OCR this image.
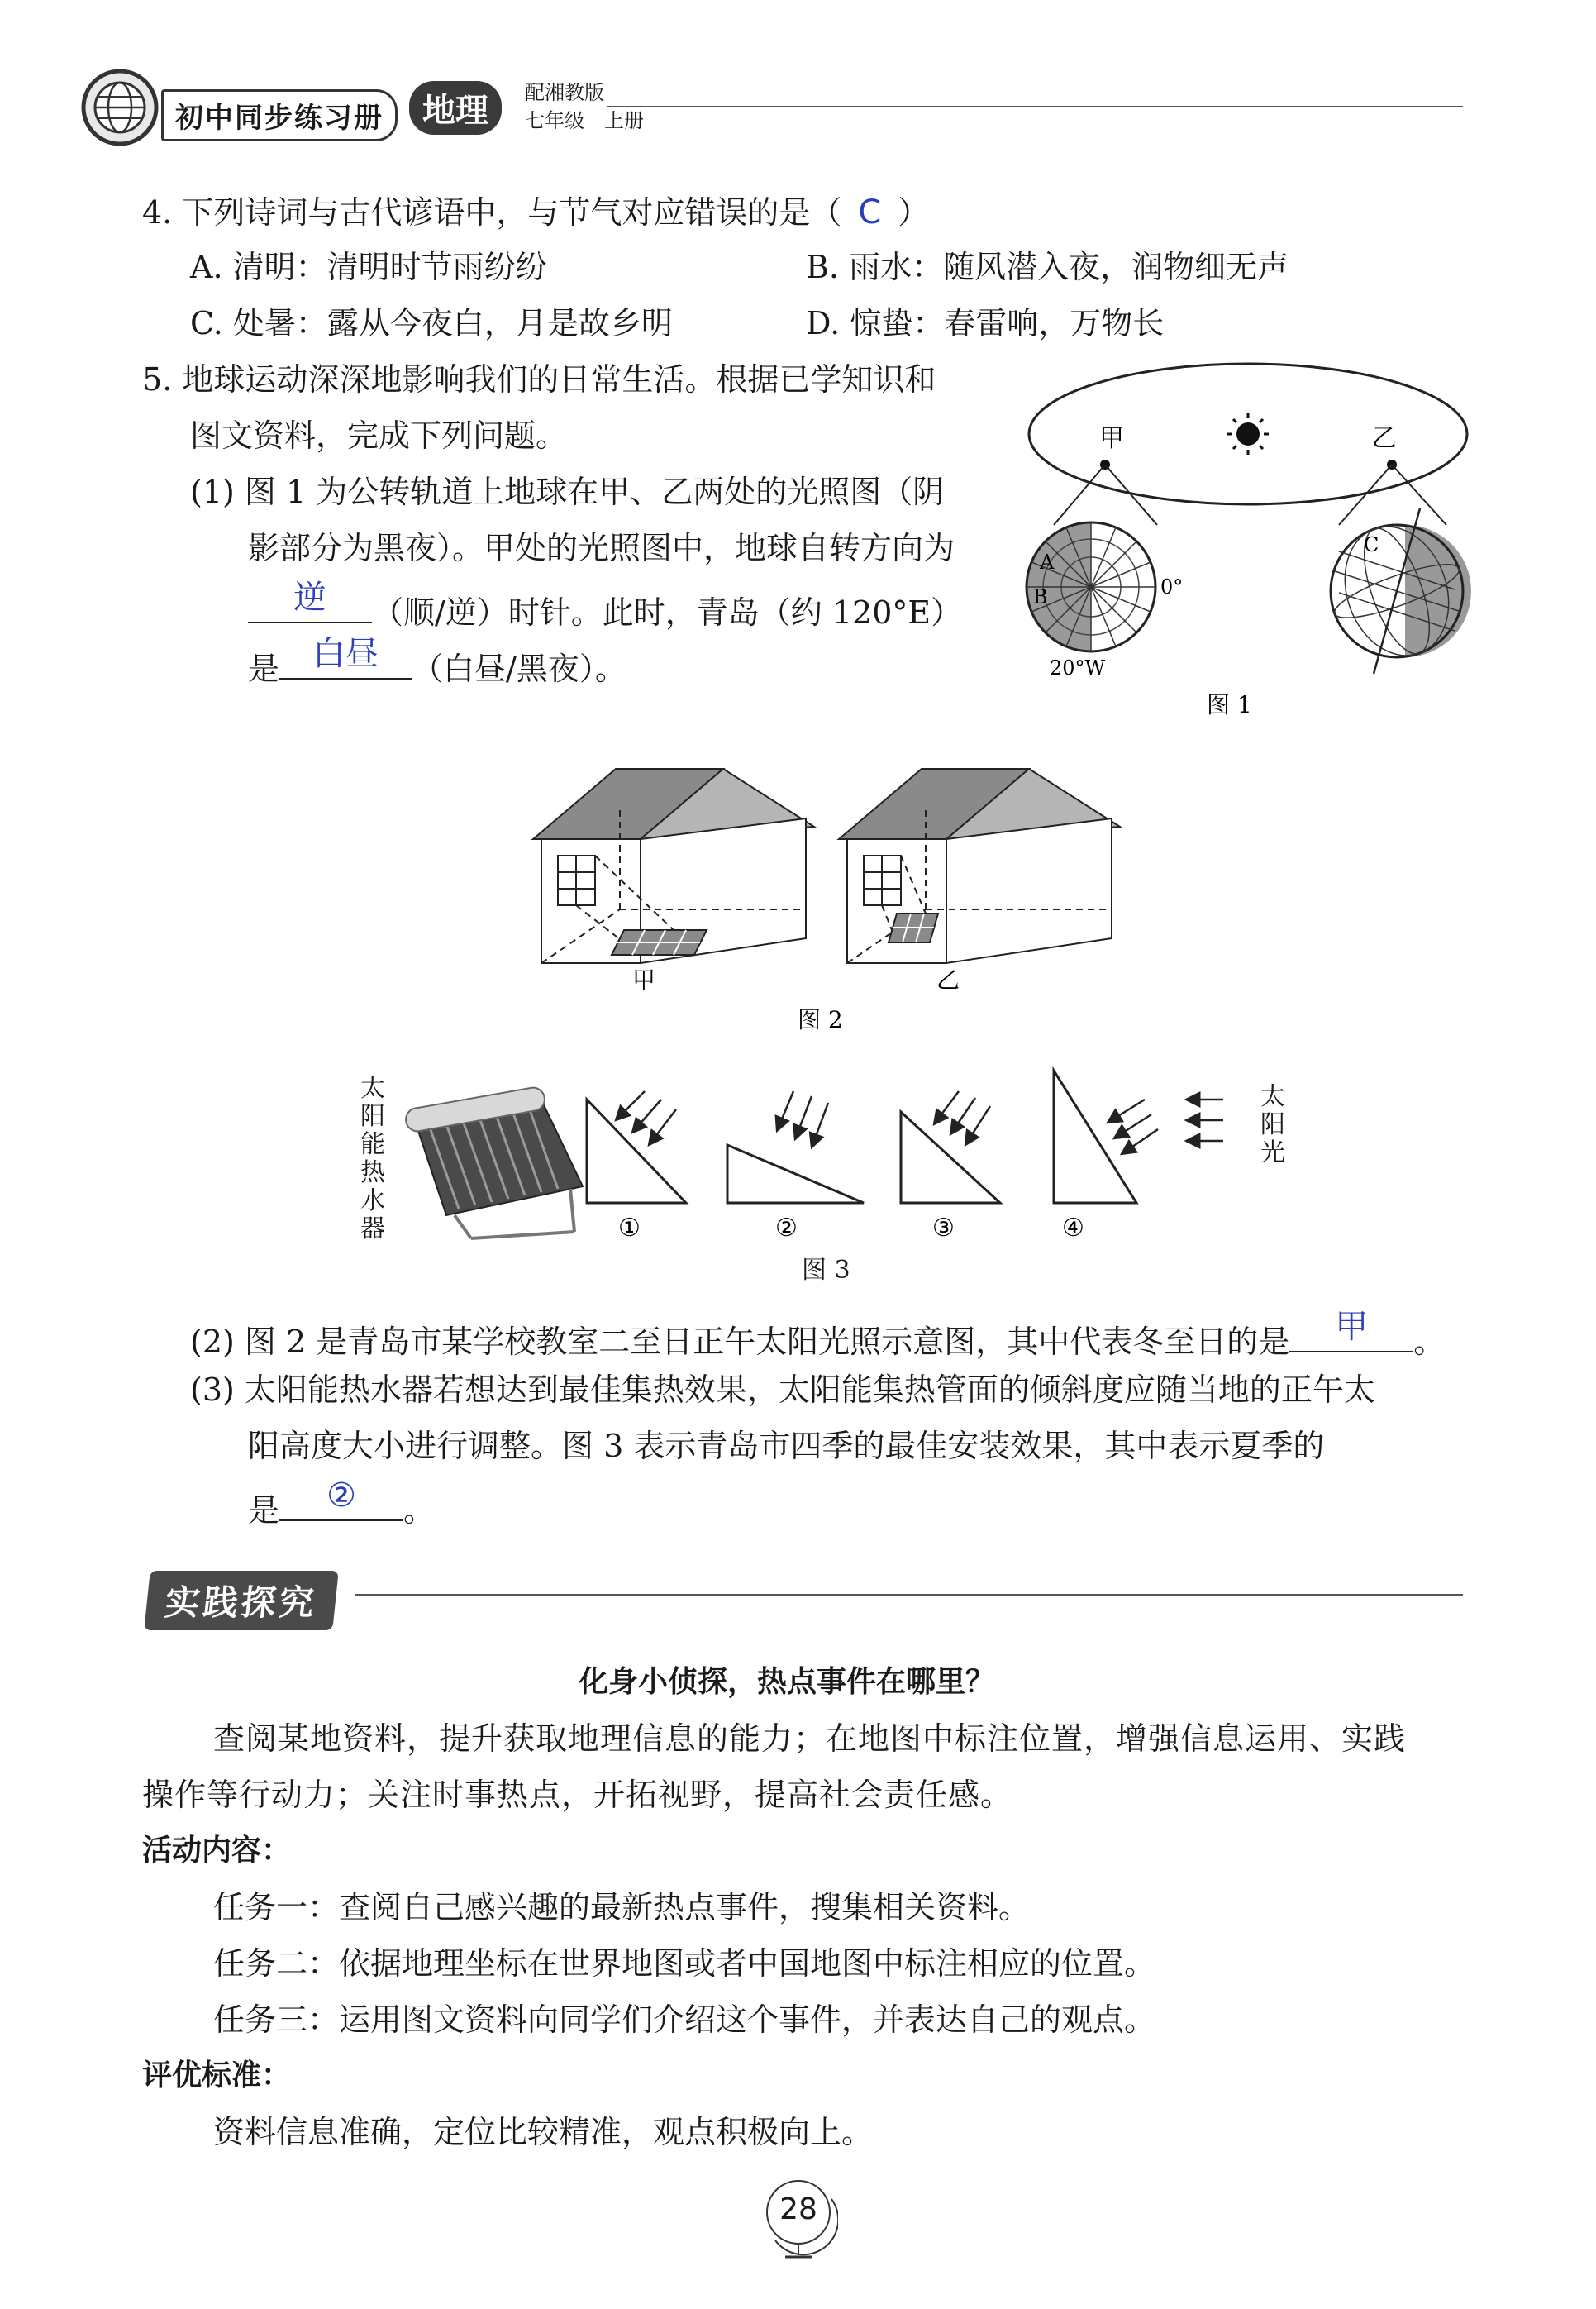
初中同步练习册	地理	配湘教版
七年级　上册
4. 下列诗词与古代谚语中，与节气对应错误的是（ C ）
A. 清明：清明时节雨纷纷	B. 雨水：随风潜入夜，润物细无声
C. 处暑：露从今夜白，月是故乡明	D. 惊蛰：春雷响，万物长
5. 地球运动深深地影响我们的日常生活。根据已学知识和
图文资料，完成下列问题。
(1) 图 1 为公转轨道上地球在甲、乙两处的光照图（阴
影部分为黑夜）。甲处的光照图中，地球自转方向为
逆	（顺/逆）时针。此时，青岛（约 120°E）
是	白昼	（白昼/黑夜）。
甲	乙
A
B	0°
20°W
C
图 1
甲	乙
图 2
太阳能热水器	①	②	③	④
太阳光
图 3
(2) 图 2 是青岛市某学校教室二至日正午太阳光照示意图，其中代表冬至日的是	甲	。
(3) 太阳能热水器若想达到最佳集热效果，太阳能集热管面的倾斜度应随当地的正午太
阳高度大小进行调整。图 3 表示青岛市四季的最佳安装效果，其中表示夏季的
是	②	。
实践探究
化身小侦探，热点事件在哪里？
查阅某地资料，提升获取地理信息的能力；在地图中标注位置，增强信息运用、实践
操作等行动力；关注时事热点，开拓视野，提高社会责任感。
活动内容：
任务一：查阅自己感兴趣的最新热点事件，搜集相关资料。
任务二：依据地理坐标在世界地图或者中国地图中标注相应的位置。
任务三：运用图文资料向同学们介绍这个事件，并表达自己的观点。
评优标准：
资料信息准确，定位比较精准，观点积极向上。
28
